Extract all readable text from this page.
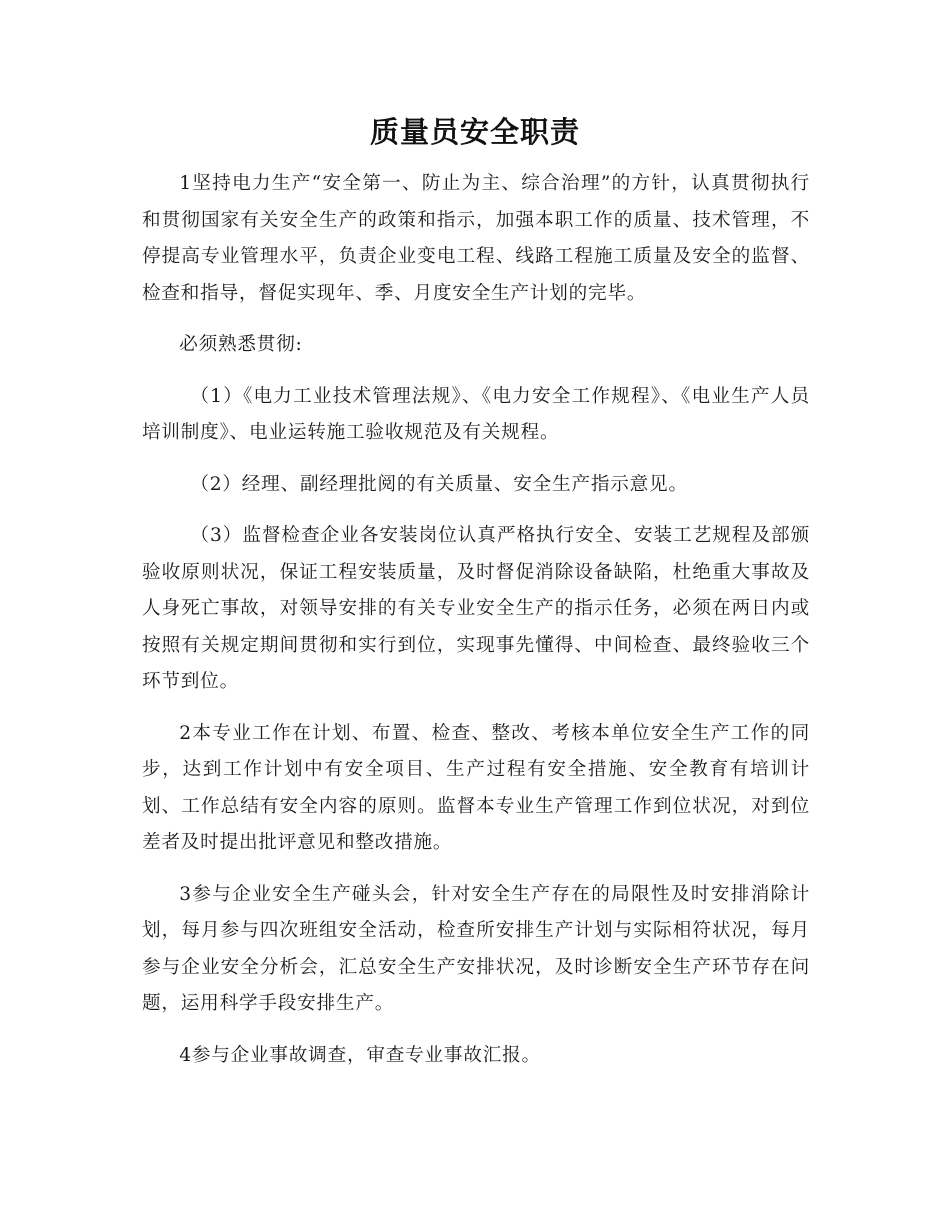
质量员安全职责

1坚持电力生产“安全第一、防止为主、综合治理”的方针，认真贯彻执行和贯彻国家有关安全生产的政策和指示，加强本职工作的质量、技术管理，不停提高专业管理水平，负责企业变电工程、线路工程施工质量及安全的监督、检查和指导，督促实现年、季、月度安全生产计划的完毕。

必须熟悉贯彻:

（1）《电力工业技术管理法规》、《电力安全工作规程》、《电业生产人员培训制度》、电业运转施工验收规范及有关规程。

（2）经理、副经理批阅的有关质量、安全生产指示意见。

（3）监督检查企业各安装岗位认真严格执行安全、安装工艺规程及部颁验收原则状况，保证工程安装质量，及时督促消除设备缺陷，杜绝重大事故及人身死亡事故，对领导安排的有关专业安全生产的指示任务，必须在两日内或按照有关规定期间贯彻和实行到位，实现事先懂得、中间检查、最终验收三个环节到位。

2本专业工作在计划、布置、检查、整改、考核本单位安全生产工作的同步，达到工作计划中有安全项目、生产过程有安全措施、安全教育有培训计划、工作总结有安全内容的原则。监督本专业生产管理工作到位状况，对到位差者及时提出批评意见和整改措施。

3参与企业安全生产碰头会，针对安全生产存在的局限性及时安排消除计划，每月参与四次班组安全活动，检查所安排生产计划与实际相符状况，每月参与企业安全分析会，汇总安全生产安排状况，及时诊断安全生产环节存在问题，运用科学手段安排生产。

4参与企业事故调查，审查专业事故汇报。
